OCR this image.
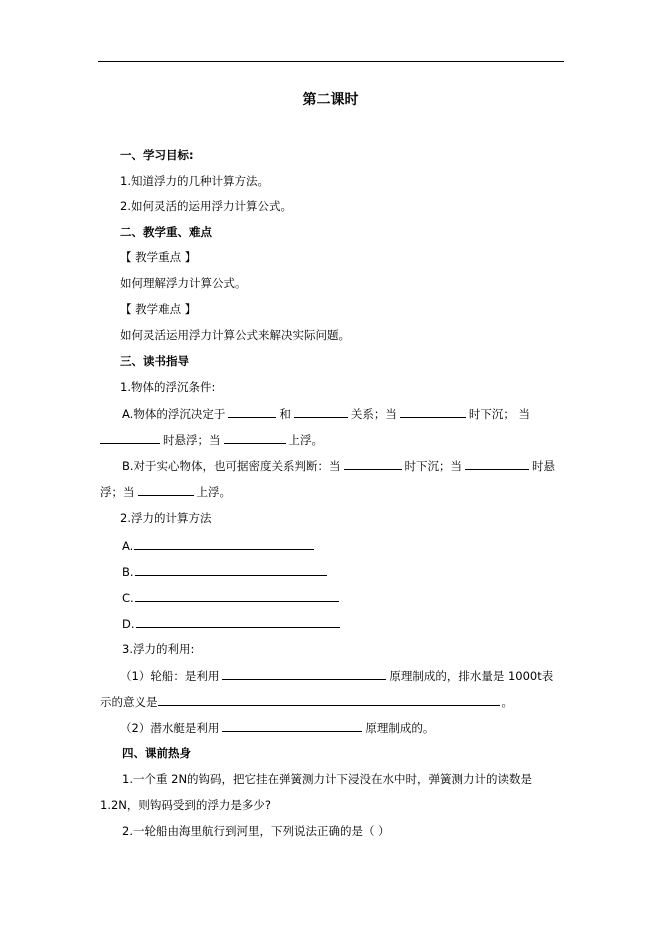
第二课时
一、学习目标:
1.知道浮力的几种计算方法。
2.如何灵活的运用浮力计算公式。
二、教学重、难点
【 教学重点 】
如何理解浮力计算公式。
【 教学难点 】
如何灵活运用浮力计算公式来解决实际问题。
三、读书指导
1.物体的浮沉条件:
A.物体的浮沉决定于	和	关系；当	时下沉； 当
时悬浮；当	上浮。
B.对于实心物体，也可据密度关系判断：当	时下沉；当	时悬
浮；当	上浮。
2.浮力的计算方法
A.
B.
C.
D.
3.浮力的利用:
（1）轮船：是利用	原理制成的，排水量是 1000t表
示的意义是	。
（2）潜水艇是利用	原理制成的。
四、课前热身
1.一个重 2N的钩码，把它挂在弹簧测力计下浸没在水中时，弹簧测力计的读数是
1.2N，则钩码受到的浮力是多少?
2.一轮船由海里航行到河里，下列说法正确的是（ ）
